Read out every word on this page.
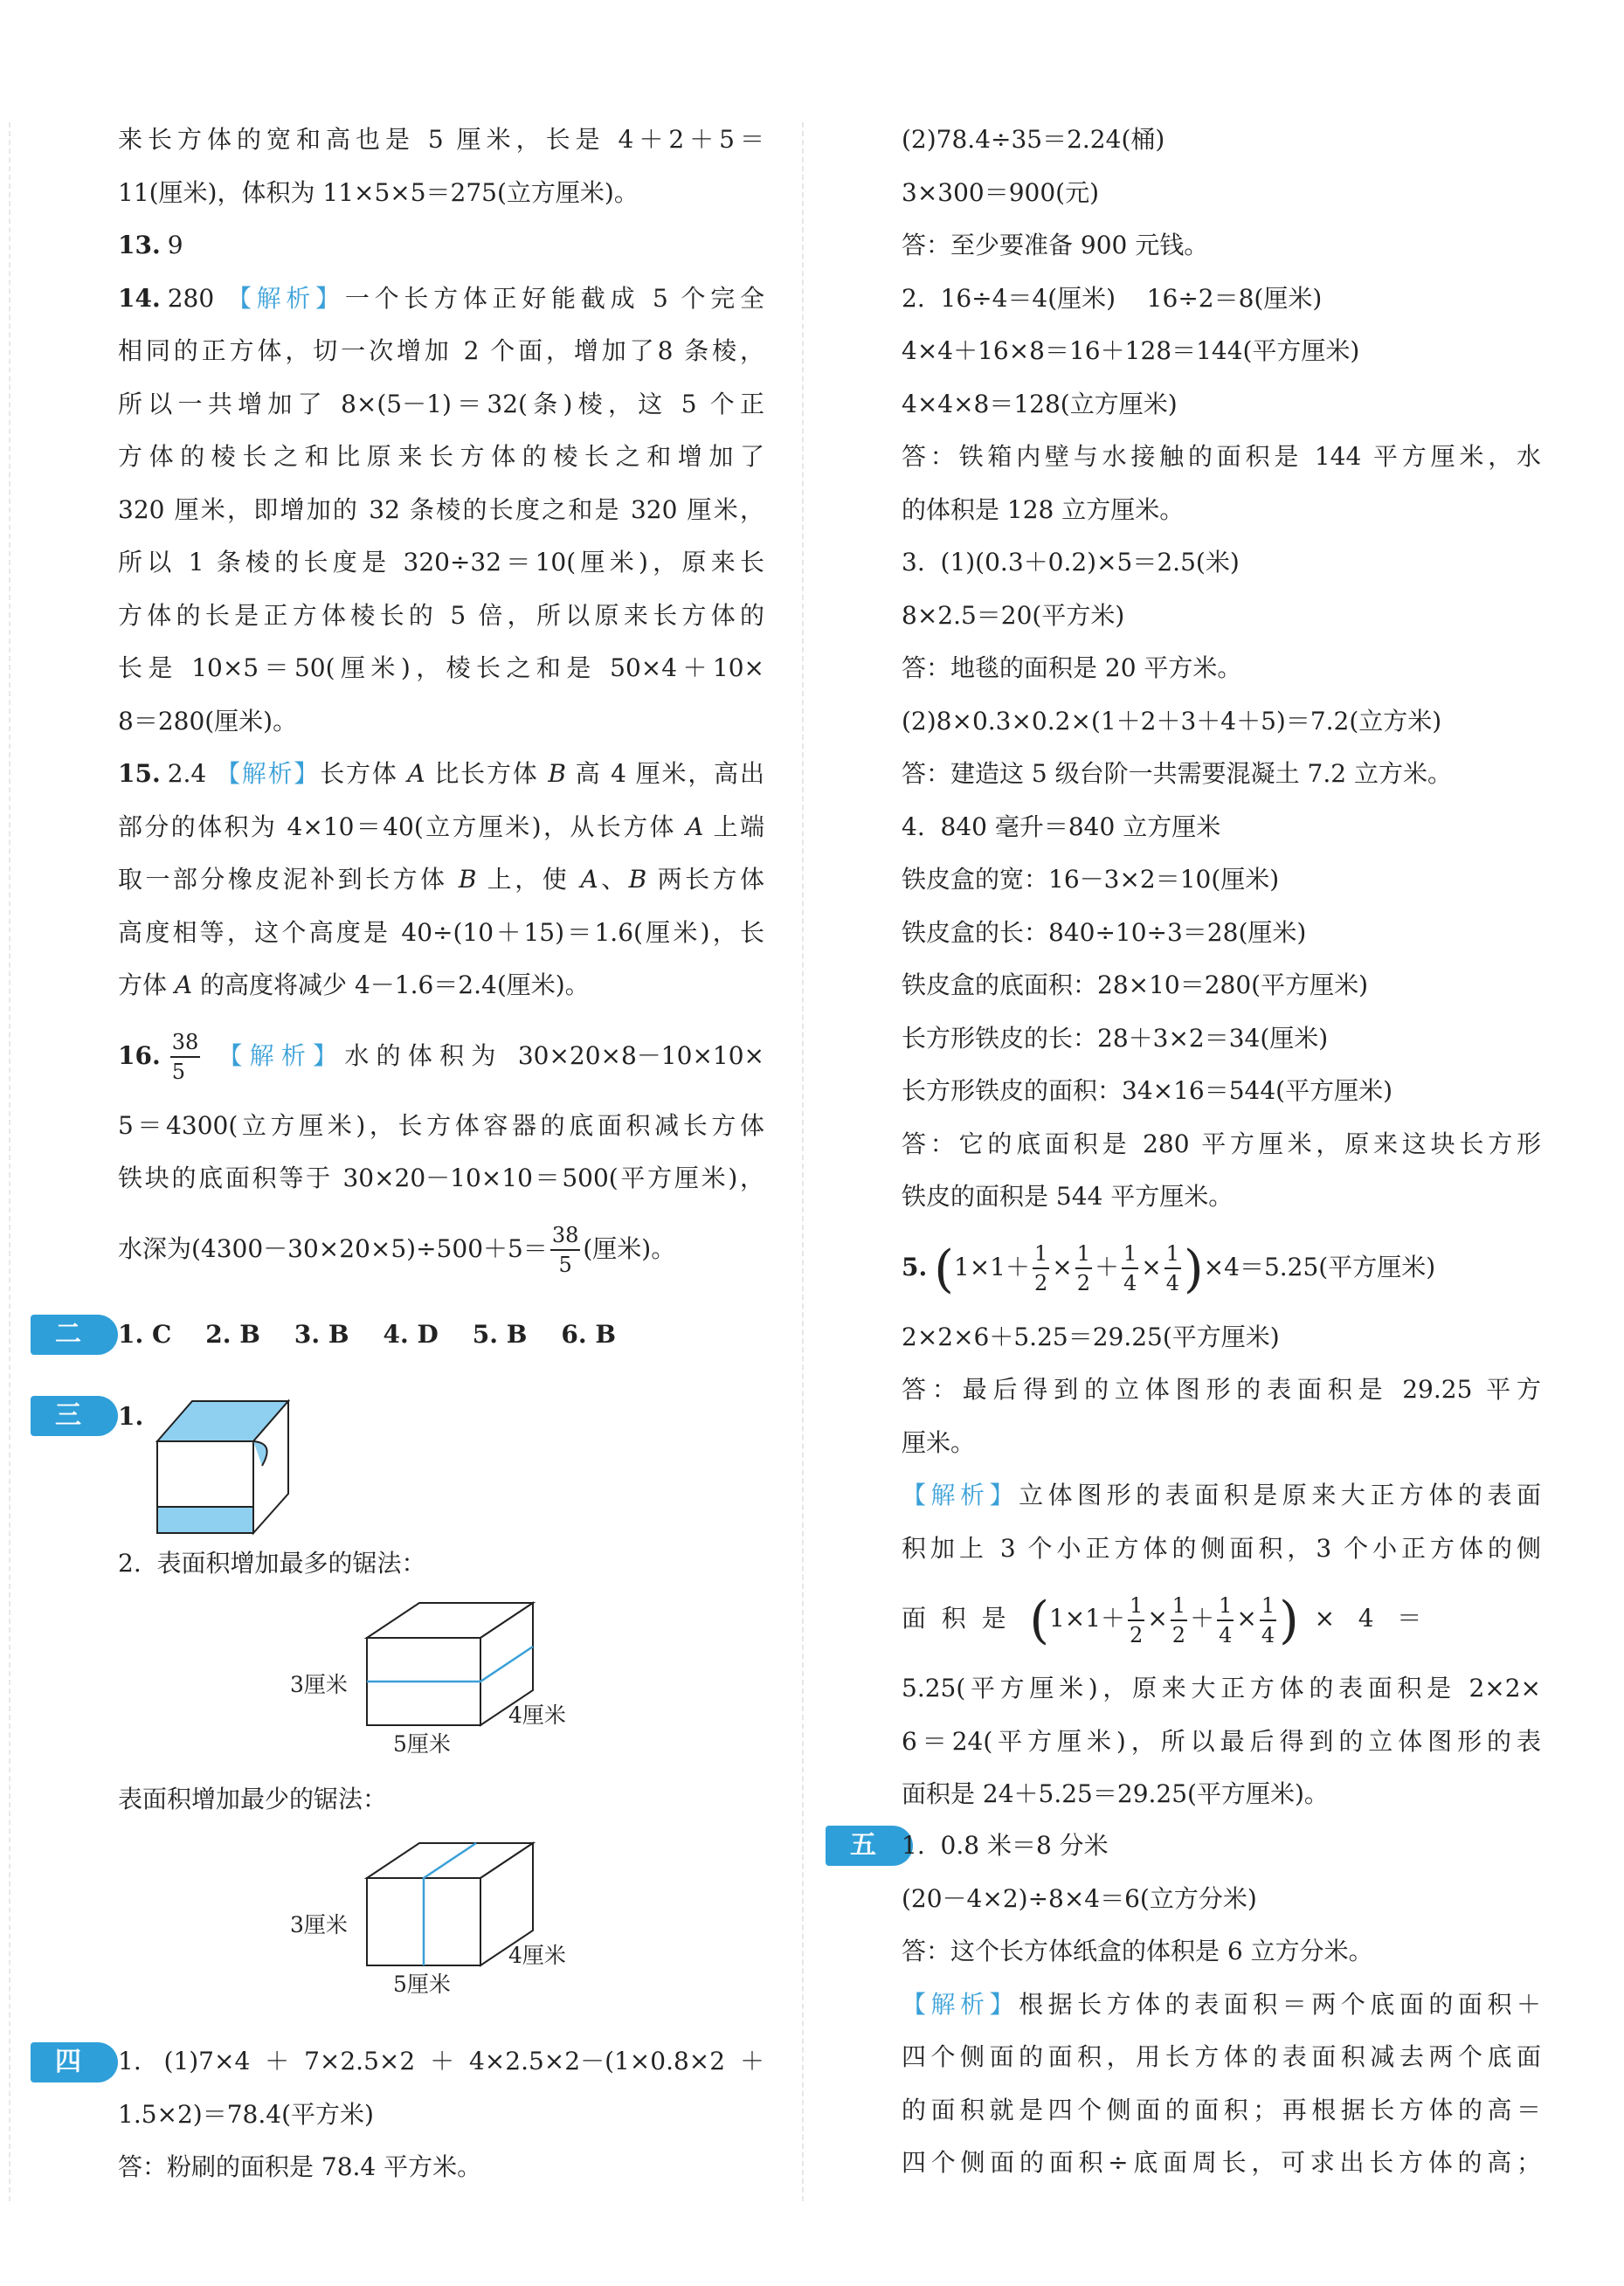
来长方体的宽和高也是 5 厘米，长是 4＋2＋5＝
11(厘米)，体积为 11×5×5＝275(立方厘米)。
13. 9
14. 280 【解析】一个长方体正好能截成 5 个完全
相同的正方体，切一次增加 2 个面，增加了8 条棱，
所以一共增加了 8×(5－1)＝32(条)棱，这 5 个正
方体的棱长之和比原来长方体的棱长之和增加了
320 厘米，即增加的 32 条棱的长度之和是 320 厘米，
所以 1 条棱的长度是 320÷32＝10(厘米)，原来长
方体的长是正方体棱长的 5 倍，所以原来长方体的
长是 10×5＝50(厘米)，棱长之和是 50×4＋10×
8＝280(厘米)。
15. 2.4 【解析】长方体 A 比长方体 B 高 4 厘米，高出
部分的体积为 4×10＝40(立方厘米)，从长方体 A 上端
取一部分橡皮泥补到长方体 B 上，使 A、B 两长方体
高度相等，这个高度是 40÷(10＋15)＝1.6(厘米)，长
方体 A 的高度将减少 4－1.6＝2.4(厘米)。
16. $\frac{38}{5}$ 【解析】水的体积为 30×20×8－10×10×
5＝4300(立方厘米)，长方体容器的底面积减长方体
铁块的底面积等于 30×20－10×10＝500(平方厘米)，
水深为$(4300-30\times 20\times 5)\div 500+5= \frac{38}{5}$ (厘米)。
二	1. C    2. B    3. B    4. D    5. B    6. B
三	1.
2.  表面积增加最多的锯法：
3厘米
4厘米
5厘米
表面积增加最少的锯法：
3厘米
4厘米
5厘米
四	1. (1)7×4＋7×2.5×2＋4×2.5×2－(1×0.8×2＋
1.5×2)＝78.4(平方米)
答：粉刷的面积是 78.4 平方米。
(2)78.4÷35＝2.24(桶)
3×300＝900(元)
答：至少要准备 900 元钱。
2.  16÷4＝4(厘米)    16÷2＝8(厘米)
4×4＋16×8＝16＋128＝144(平方厘米)
4×4×8＝128(立方厘米)
答：铁箱内壁与水接触的面积是 144 平方厘米，水
的体积是 128 立方厘米。
3.  (1)(0.3＋0.2)×5＝2.5(米)
8×2.5＝20(平方米)
答：地毯的面积是 20 平方米。
(2)8×0.3×0.2×(1＋2＋3＋4＋5)＝7.2(立方米)
答：建造这 5 级台阶一共需要混凝土 7.2 立方米。
4.  840 毫升＝840 立方厘米
铁皮盒的宽：16－3×2＝10(厘米)
铁皮盒的长：840÷10÷3＝28(厘米)
铁皮盒的底面积：28×10＝280(平方厘米)
长方形铁皮的长：28＋3×2＝34(厘米)
长方形铁皮的面积：34×16＝544(平方厘米)
答：它的底面积是 280 平方厘米，原来这块长方形
铁皮的面积是 544 平方厘米。
5. $(1\times 1+ \frac{1}{2} \times \frac{1}{2} + \frac{1}{4} \times \frac{1}{4} )\times 4=5.25$(平方厘米)
2×2×6＋5.25＝29.25(平方厘米)
答：最后得到的立体图形的表面积是 29.25 平方
厘米。
【解析】立体图形的表面积是原来大正方体的表面
积加上 3 个小正方体的侧面积，3 个小正方体的侧
面  积  是 ($1\times 1+ \frac{1}{2} \times \frac{1}{2} + \frac{1}{4} \times \frac{1}{4}$ ) ×   4   ＝
5.25(平方厘米)，原来大正方体的表面积是 2×2×
6＝24(平方厘米)，所以最后得到的立体图形的表
面积是 24＋5.25＝29.25(平方厘米)。
五	1.  0.8 米＝8 分米
(20－4×2)÷8×4＝6(立方分米)
答：这个长方体纸盒的体积是 6 立方分米。
【解析】根据长方体的表面积＝两个底面的面积＋
四个侧面的面积，用长方体的表面积减去两个底面
的面积就是四个侧面的面积；再根据长方体的高＝
四个侧面的面积÷底面周长，可求出长方体的高；
